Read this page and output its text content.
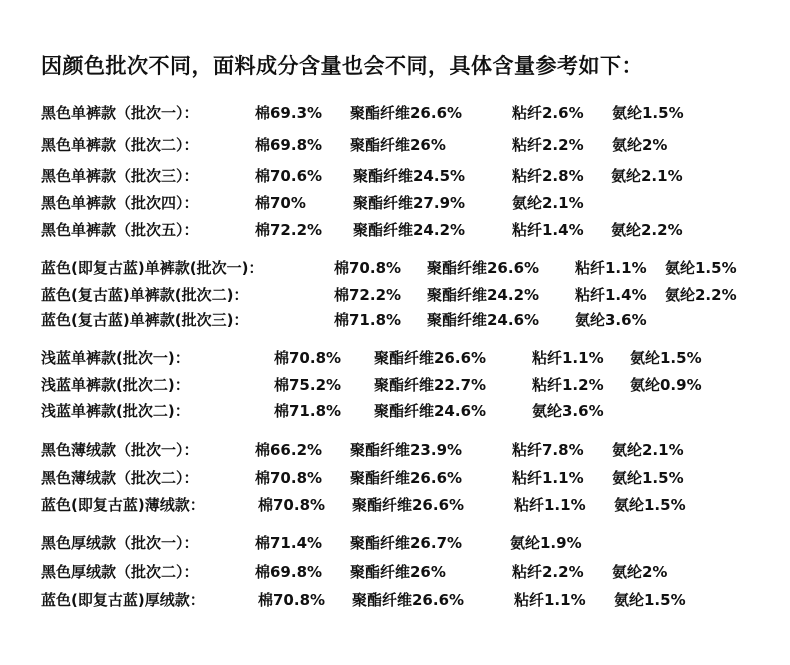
因颜色批次不同，面料成分含量也会不同，具体含量参考如下：
黑色单裤款（批次一）：	棉69.3% 聚酯纤维26.6%	粘纤2.6% 氨纶1.5%
黑色单裤款（批次二）：	棉69.8% 聚酯纤维26%	粘纤2.2% 氨纶2%
黑色单裤款（批次三）：	棉70.6% 聚酯纤维24.5%	粘纤2.8% 氨纶2.1%
黑色单裤款（批次四）：	棉70%	聚酯纤维27.9%	氨纶2.1%
黑色单裤款（批次五）：	棉72.2% 聚酯纤维24.2%	粘纤1.4% 氨纶2.2%
蓝色(即复古蓝)单裤款(批次一)：	棉70.8% 聚酯纤维26.6% 粘纤1.1% 氨纶1.5%
蓝色(复古蓝)单裤款(批次二)：	棉72.2% 聚酯纤维24.2% 粘纤1.4% 氨纶2.2%
蓝色(复古蓝)单裤款(批次三)：	棉71.8% 聚酯纤维24.6% 氨纶3.6%
浅蓝单裤款(批次一)：	棉70.8% 聚酯纤维26.6%	粘纤1.1% 氨纶1.5%
浅蓝单裤款(批次二)：	棉75.2% 聚酯纤维22.7%	粘纤1.2% 氨纶0.9%
浅蓝单裤款(批次二)：	棉71.8% 聚酯纤维24.6%	氨纶3.6%
黑色薄绒款（批次一）：	棉66.2% 聚酯纤维23.9%	粘纤7.8% 氨纶2.1%
黑色薄绒款（批次二）：	棉70.8% 聚酯纤维26.6%	粘纤1.1% 氨纶1.5%
蓝色(即复古蓝)薄绒款：	棉70.8% 聚酯纤维26.6%	粘纤1.1% 氨纶1.5%
黑色厚绒款（批次一）：	棉71.4% 聚酯纤维26.7%	氨纶1.9%
黑色厚绒款（批次二）：	棉69.8% 聚酯纤维26%	粘纤2.2% 氨纶2%
蓝色(即复古蓝)厚绒款：	棉70.8% 聚酯纤维26.6%	粘纤1.1% 氨纶1.5%
